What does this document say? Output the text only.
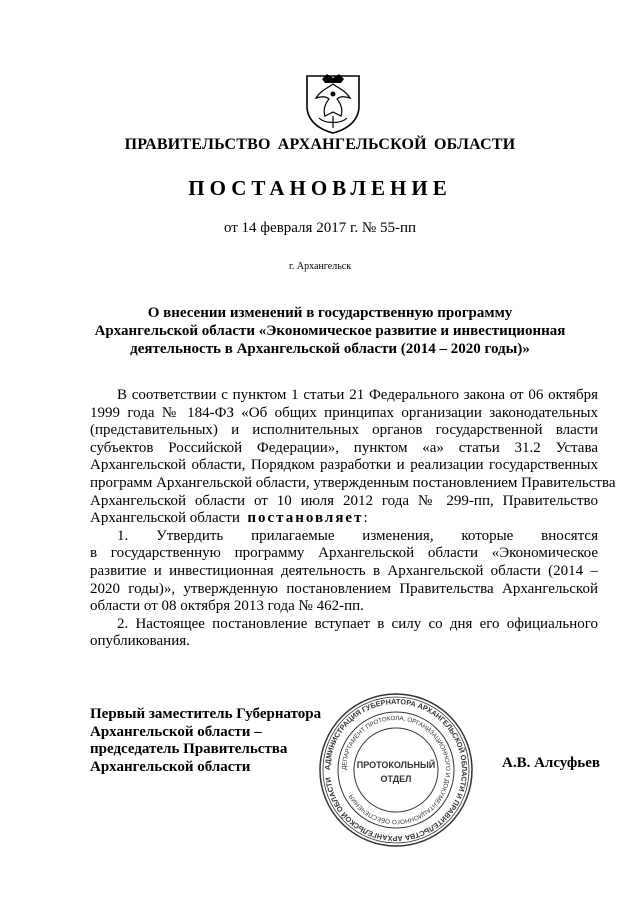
ПРАВИТЕЛЬСТВО АРХАНГЕЛЬСКОЙ ОБЛАСТИ
ПОСТАНОВЛЕНИЕ
от 14 февраля 2017 г. № 55-пп
г. Архангельск
О внесении изменений в государственную программу
Архангельской области «Экономическое развитие и инвестиционная
деятельность в Архангельской области (2014 – 2020 годы)»
В соответствии с пунктом 1 статьи 21 Федерального закона от 06 октября
1999 года № 184-ФЗ «Об общих принципах организации законодательных
(представительных) и исполнительных органов государственной власти
субъектов Российской Федерации», пунктом «а» статьи 31.2 Устава
Архангельской области, Порядком разработки и реализации государственных
программ Архангельской области, утвержденным постановлением Правительства
Архангельской области от 10 июля 2012 года № 299-пп, Правительство
Архангельской области постановляет:
1. Утвердить прилагаемые изменения, которые вносятся
в государственную программу Архангельской области «Экономическое
развитие и инвестиционная деятельность в Архангельской области (2014 –
2020 годы)», утвержденную постановлением Правительства Архангельской
области от 08 октября 2013 года № 462-пп.
2. Настоящее постановление вступает в силу со дня его официального
опубликования.
Первый заместитель Губернатора
Архангельской области –
председатель Правительства
Архангельской области	АДМИНИСТРАЦИЯ ГУБЕРНАТОРА АРХАНГЕЛЬСКОЙ ОБЛАСТИ И ПРАВИТЕЛЬСТВА АРХАНГЕЛЬСКОЙ ОБЛАСТИ
ДЕПАРТАМЕНТ ПРОТОКОЛА, ОРГАНИЗАЦИОННОГО И ДОКУМЕНТАЦИОННОГО ОБЕСПЕЧЕНИЯ
ПРОТОКОЛЬНЫЙ
ОТДЕЛ
А.В. Алсуфьев
